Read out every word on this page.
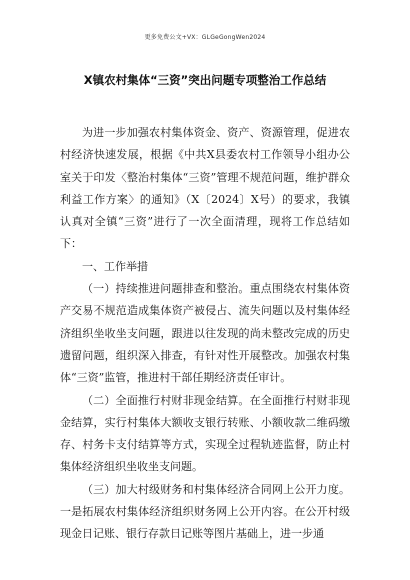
更多免费公文+VX：GLGeGongWen2024
X镇农村集体“三资”突出问题专项整治工作总结

为进一步加强农村集体资金、资产、资源管理，促进农村经济快速发展，根据《中共X县委农村工作领导小组办公室关于印发〈整治村集体“三资”管理不规范问题，维护群众利益工作方案〉的通知》（X〔2024〕X号）的要求，我镇认真对全镇“三资”进行了一次全面清理，现将工作总结如下：

一、工作举措

（一）持续推进问题排查和整治。重点围绕农村集体资产交易不规范造成集体资产被侵占、流失问题以及村集体经济组织坐收坐支问题，跟进以往发现的尚未整改完成的历史遗留问题，组织深入排查，有针对性开展整改。加强农村集体“三资”监管，推进村干部任期经济责任审计。

（二）全面推行村财非现金结算。在全面推行村财非现金结算，实行村集体大额收支银行转账、小额收款二维码缴存、村务卡支付结算等方式，实现全过程轨迹监督，防止村集体经济组织坐收坐支问题。

（三）加大村级财务和村集体经济合同网上公开力度。一是拓展农村集体经济组织财务网上公开内容。在公开村级现金日记账、银行存款日记账等图片基础上，进一步通
